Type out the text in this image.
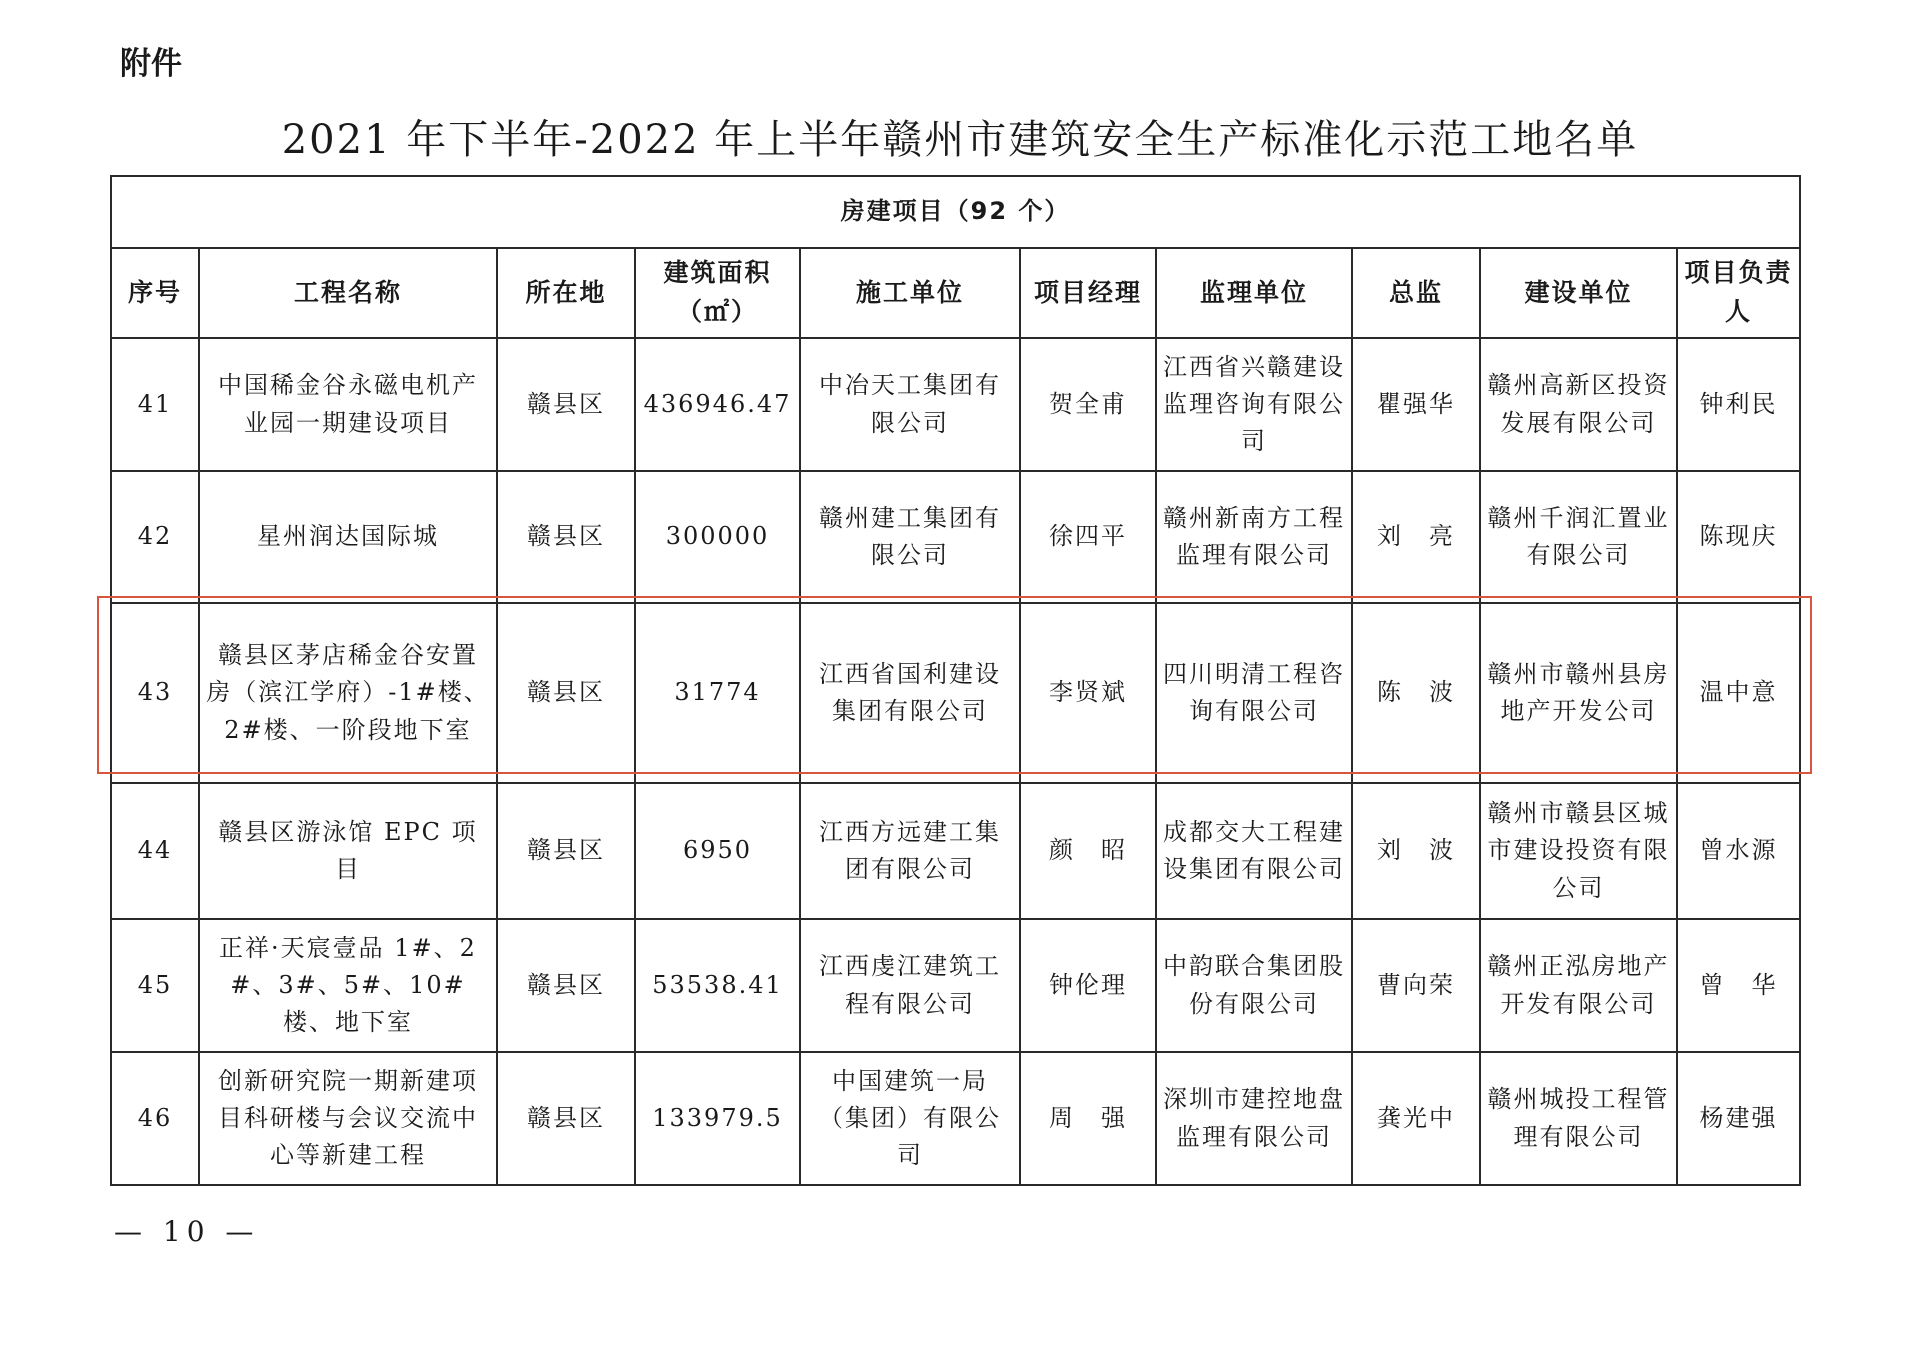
附件
2021 年下半年-2022 年上半年赣州市建筑安全生产标准化示范工地名单
房建项目（92 个）									
序号	工程名称	所在地	建筑面积（㎡）	施工单位	项目经理	监理单位	总监	建设单位	项目负责人
41	中国稀金谷永磁电机产业园一期建设项目	赣县区	436946.47	中冶天工集团有限公司	贺全甫	江西省兴赣建设监理咨询有限公司	瞿强华	赣州高新区投资发展有限公司	钟利民
42	星州润达国际城	赣县区	300000	赣州建工集团有限公司	徐四平	赣州新南方工程监理有限公司	刘　亮	赣州千润汇置业有限公司	陈现庆
43	赣县区茅店稀金谷安置房（滨江学府）-1#楼、2#楼、一阶段地下室	赣县区	31774	江西省国利建设集团有限公司	李贤斌	四川明清工程咨询有限公司	陈　波	赣州市赣州县房地产开发公司	温中意
44	赣县区游泳馆 EPC 项目	赣县区	6950	江西方远建工集团有限公司	颜　昭	成都交大工程建设集团有限公司	刘　波	赣州市赣县区城市建设投资有限公司	曾水源
45	正祥·天宸壹品 1#、2#、3#、5#、10#楼、地下室	赣县区	53538.41	江西虔江建筑工程有限公司	钟伦理	中韵联合集团股份有限公司	曹向荣	赣州正泓房地产开发有限公司	曾　华
46	创新研究院一期新建项目科研楼与会议交流中心等新建工程	赣县区	133979.5	中国建筑一局（集团）有限公司	周　强	深圳市建控地盘监理有限公司	龚光中	赣州城投工程管理有限公司	杨建强
— 10 —
